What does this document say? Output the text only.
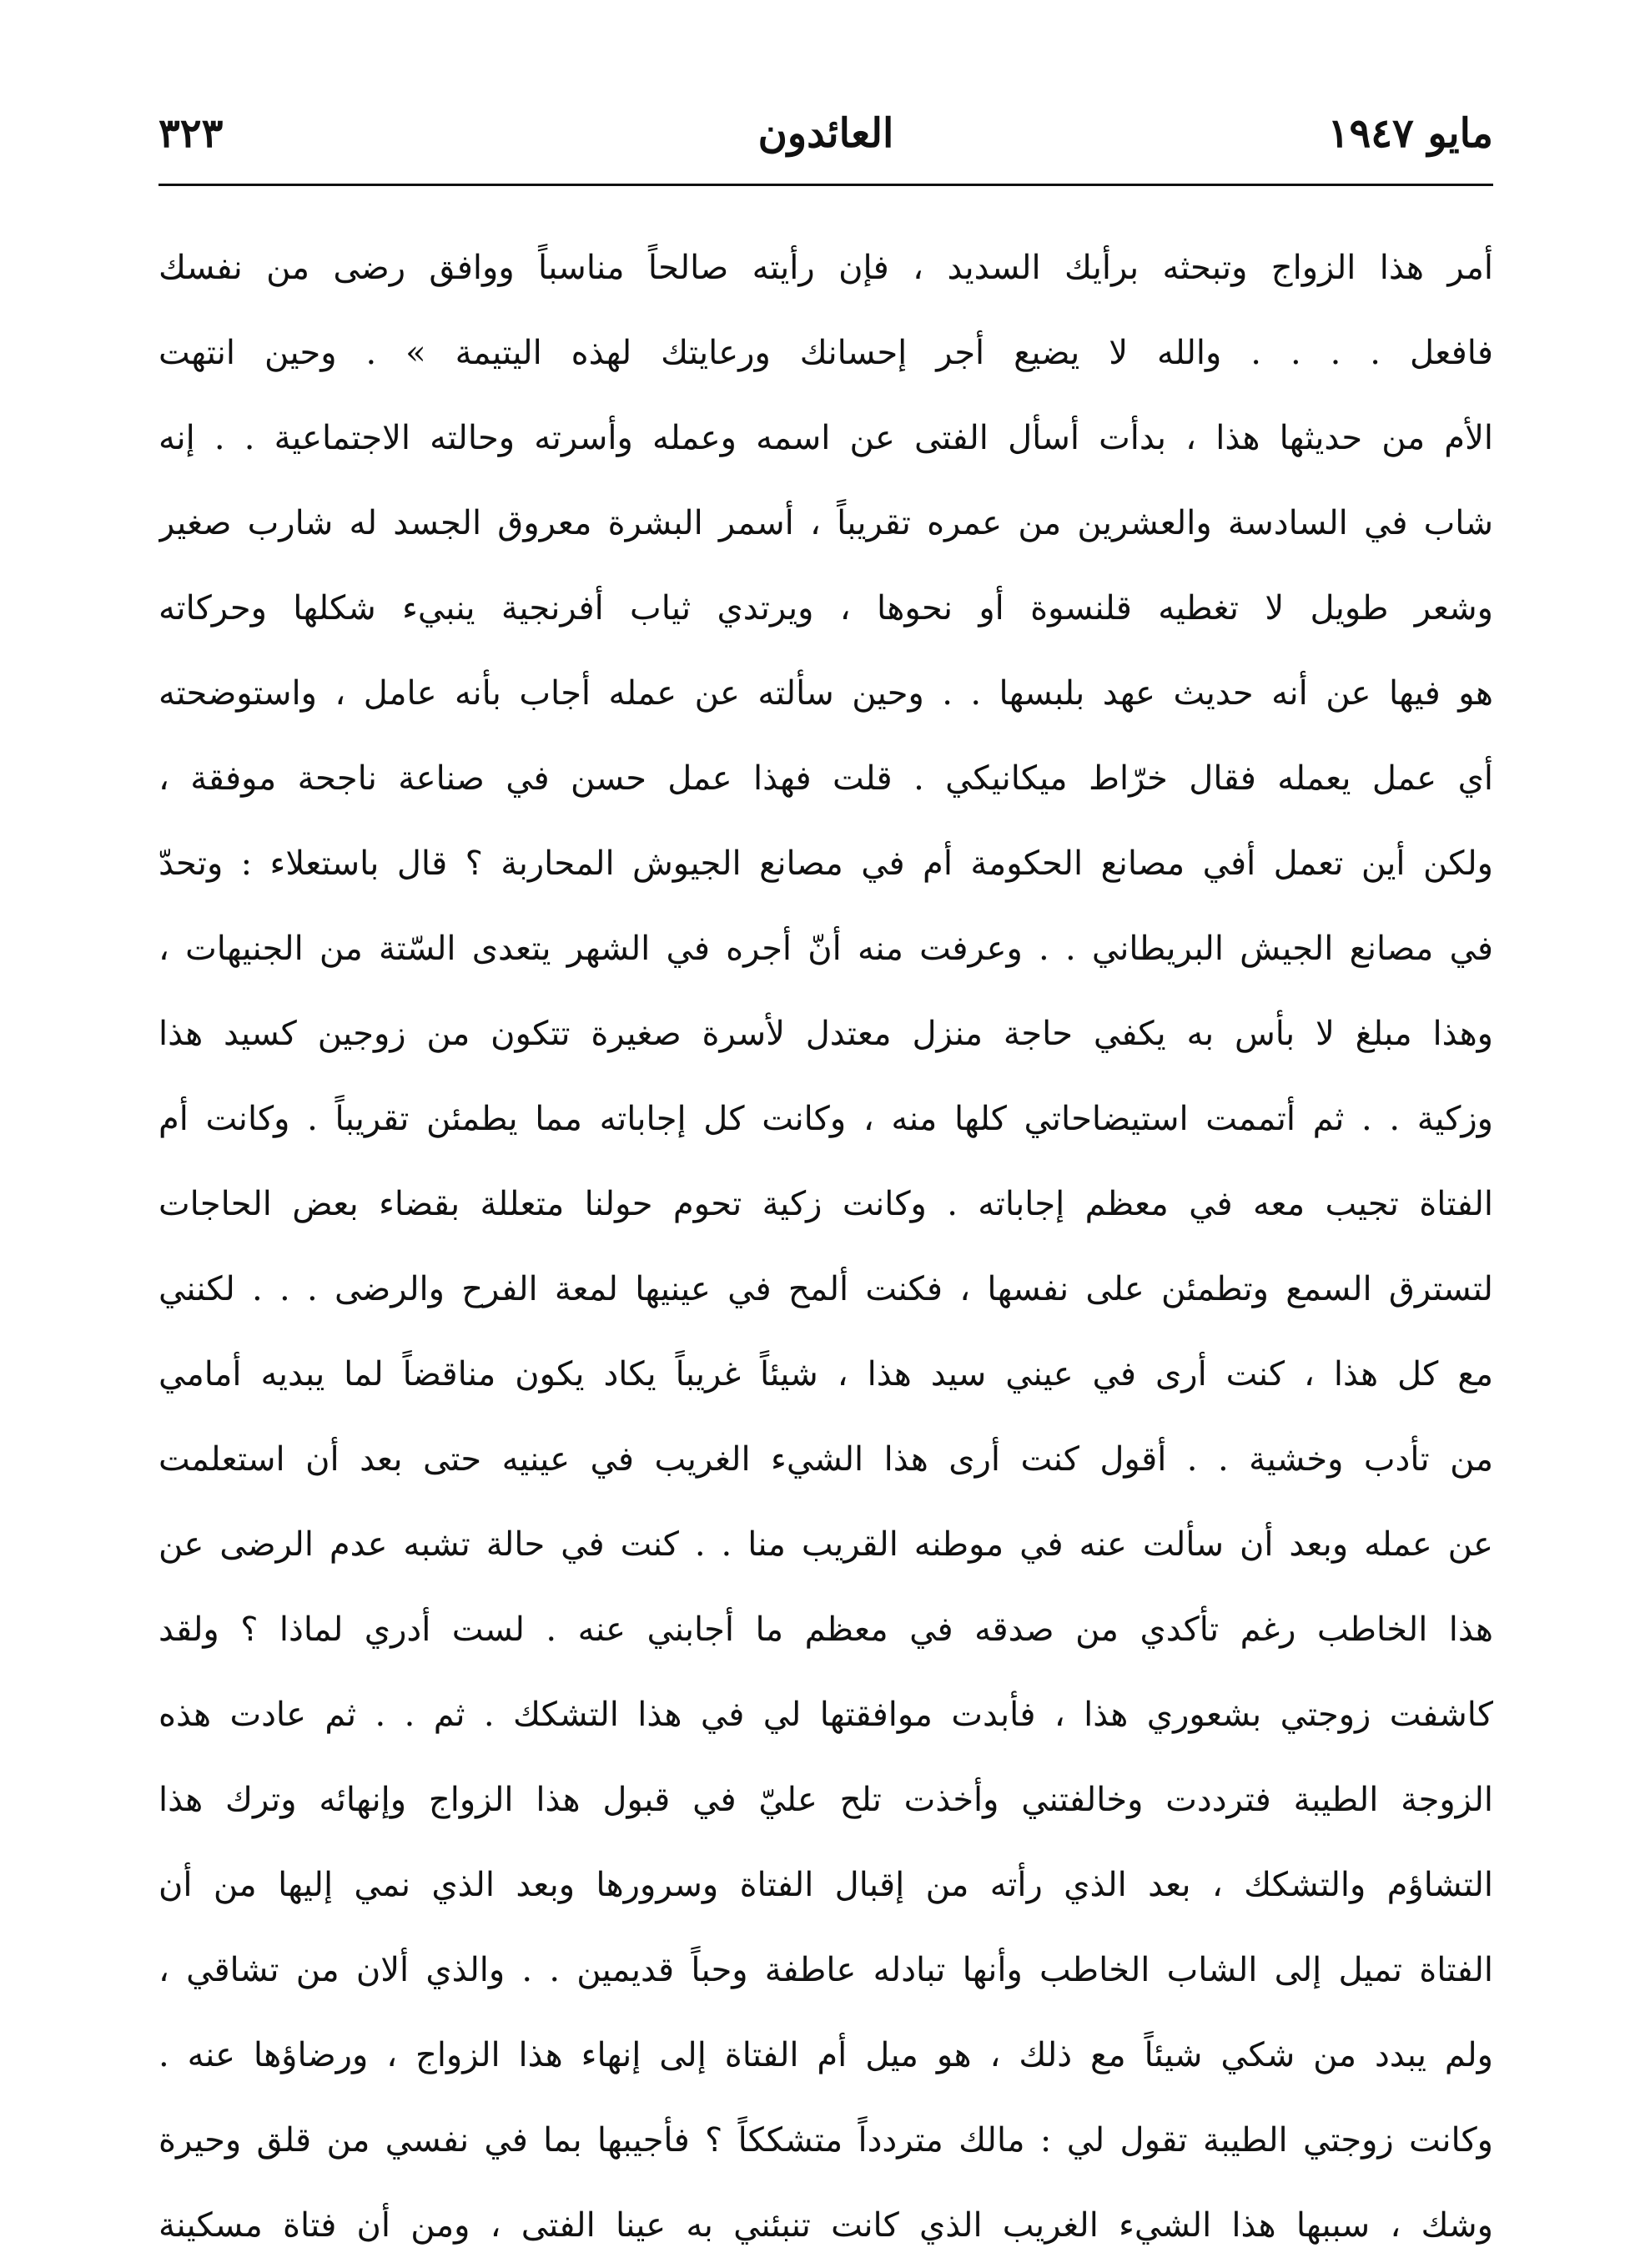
مايو ١٩٤٧
العائدون
٣٢٣
أمر هذا الزواج وتبحثه برأيك السديد ، فإن رأيته صالحاً مناسباً ووافق رضى من نفسك
فافعل . . . . والله لا يضيع أجر إحسانك ورعايتك لهذه اليتيمة » . وحين انتهت
الأم من حديثها هذا ، بدأت أسأل الفتى عن اسمه وعمله وأسرته وحالته الاجتماعية . . إنه
شاب في السادسة والعشرين من عمره تقريباً ، أسمر البشرة معروق الجسد له شارب صغير
وشعر طويل لا تغطيه قلنسوة أو نحوها ، ويرتدي ثياب أفرنجية ينبيء شكلها وحركاته
هو فيها عن أنه حديث عهد بلبسها . . وحين سألته عن عمله أجاب بأنه عامل ، واستوضحته
أي عمل يعمله فقال خرّاط ميكانيكي . قلت فهذا عمل حسن في صناعة ناجحة موفقة ،
ولكن أين تعمل أفي مصانع الحكومة أم في مصانع الجيوش المحاربة ؟ قال باستعلاء : وتحدّ
في مصانع الجيش البريطاني . . وعرفت منه أنّ أجره في الشهر يتعدى السّتة من الجنيهات ،
وهذا مبلغ لا بأس به يكفي حاجة منزل معتدل لأسرة صغيرة تتكون من زوجين كسيد هذا
وزكية . . ثم أتممت استيضاحاتي كلها منه ، وكانت كل إجاباته مما يطمئن تقريباً . وكانت أم
الفتاة تجيب معه في معظم إجاباته . وكانت زكية تحوم حولنا متعللة بقضاء بعض الحاجات
لتسترق السمع وتطمئن على نفسها ، فكنت ألمح في عينيها لمعة الفرح والرضى . . . لكنني
مع كل هذا ، كنت أرى في عيني سيد هذا ، شيئاً غريباً يكاد يكون مناقضاً لما يبديه أمامي
من تأدب وخشية . . أقول كنت أرى هذا الشيء الغريب في عينيه حتى بعد أن استعلمت
عن عمله وبعد أن سألت عنه في موطنه القريب منا . . كنت في حالة تشبه عدم الرضى عن
هذا الخاطب رغم تأكدي من صدقه في معظم ما أجابني عنه . لست أدري لماذا ؟ ولقد
كاشفت زوجتي بشعوري هذا ، فأبدت موافقتها لي في هذا التشكك . ثم . . ثم عادت هذه
الزوجة الطيبة فترددت وخالفتني وأخذت تلح عليّ في قبول هذا الزواج وإنهائه وترك هذا
التشاؤم والتشكك ، بعد الذي رأته من إقبال الفتاة وسرورها وبعد الذي نمي إليها من أن
الفتاة تميل إلى الشاب الخاطب وأنها تبادله عاطفة وحباً قديمين . . والذي ألان من تشاقي ،
ولم يبدد من شكي شيئاً مع ذلك ، هو ميل أم الفتاة إلى إنهاء هذا الزواج ، ورضاؤها عنه .
وكانت زوجتي الطيبة تقول لي : مالك متردداً متشككاً ؟ فأجيبها بما في نفسي من قلق وحيرة
وشك ، سببها هذا الشيء الغريب الذي كانت تنبئني به عينا الفتى ، ومن أن فتاة مسكينة
